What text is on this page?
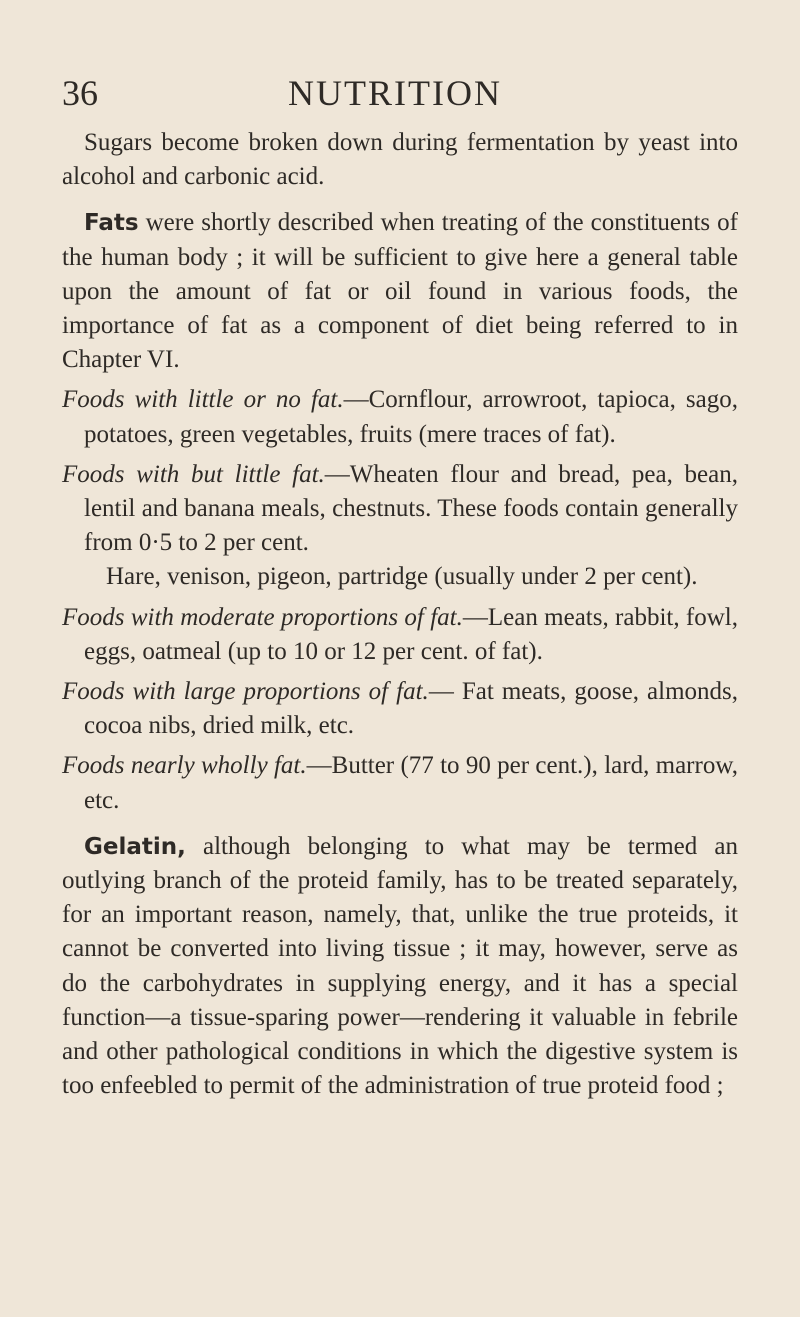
36	NUTRITION

Sugars become broken down during fermentation by yeast into alcohol and carbonic acid.

Fats were shortly described when treating of the constituents of the human body ; it will be sufficient to give here a general table upon the amount of fat or oil found in various foods, the importance of fat as a component of diet being referred to in Chapter VI.

Foods with little or no fat.—Cornflour, arrowroot, tapioca, sago, potatoes, green vegetables, fruits (mere traces of fat).

Foods with but little fat.—Wheaten flour and bread, pea, bean, lentil and banana meals, chestnuts. These foods contain generally from 0·5 to 2 per cent.

Hare, venison, pigeon, partridge (usually under 2 per cent).

Foods with moderate proportions of fat.—Lean meats, rabbit, fowl, eggs, oatmeal (up to 10 or 12 per cent. of fat).

Foods with large proportions of fat.— Fat meats, goose, almonds, cocoa nibs, dried milk, etc.

Foods nearly wholly fat.—Butter (77 to 90 per cent.), lard, marrow, etc.

Gelatin, although belonging to what may be termed an outlying branch of the proteid family, has to be treated separately, for an important reason, namely, that, unlike the true proteids, it cannot be converted into living tissue ; it may, however, serve as do the carbohydrates in supplying energy, and it has a special function—a tissue-sparing power—rendering it valuable in febrile and other pathological conditions in which the digestive system is too enfeebled to permit of the administration of true proteid food ;
